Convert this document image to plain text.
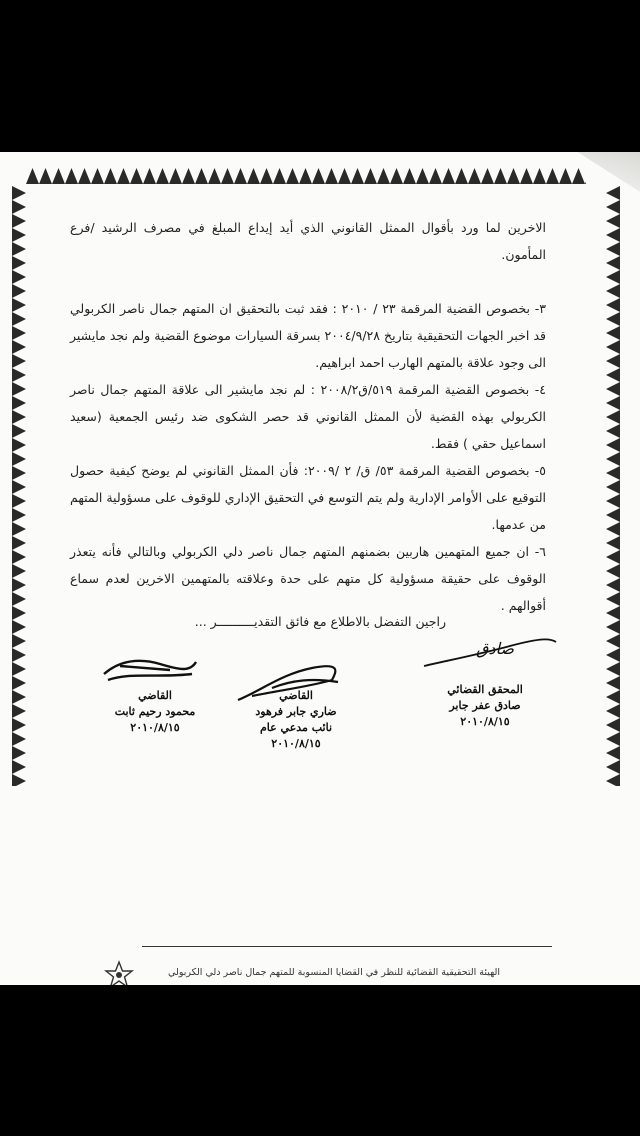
الاخرين لما ورد بأقوال الممثل القانوني الذي أيد إيداع المبلغ في مصرف الرشيد /فرع المأمون.

٣- بخصوص القضية المرقمة ٢٣ / ٢٠١٠ : فقد ثبت بالتحقيق ان المتهم جمال ناصر الكربولي قد اخبر الجهات التحقيقية بتاريخ ٢٠٠٤/٩/٢٨ بسرقة السيارات موضوع القضية ولم نجد مايشير الى وجود علاقة بالمتهم الهارب احمد ابراهيم.

٤- بخصوص القضية المرقمة ٥١٩/ق٢٠٠٨/٢ : لم نجد مايشير الى علاقة المتهم جمال ناصر الكربولي بهذه القضية لأن الممثل القانوني قد حصر الشكوى ضد رئيس الجمعية (سعيد اسماعيل حقي ) فقط.

٥- بخصوص القضية المرقمة ٥٣/ ق/ ٢ /٢٠٠٩: فأن الممثل القانوني لم يوضح كيفية حصول التوقيع على الأوامر الإدارية ولم يتم التوسع في التحقيق الإداري للوقوف على مسؤولية المتهم من عدمها.

٦- ان جميع المتهمين هاربين بضمنهم المتهم جمال ناصر دلي الكربولي وبالتالي فأنه يتعذر الوقوف على حقيقة مسؤولية كل متهم على حدة وعلاقته بالمتهمين الاخرين لعدم سماع أقوالهم .

راجين التفضل بالاطلاع مع فائق التقديــــــــــر ...
القاضي
محمود رحيم ثابت
٢٠١٠/٨/١٥
القاضي
ضاري جابر فرهود
نائب مدعي عام
٢٠١٠/٨/١٥
صادق
المحقق القضائي
صادق عفر جابر
٢٠١٠/٨/١٥
الهيئة التحقيقية القضائية للنظر في القضايا المنسوبة للمتهم جمال ناصر دلي الكربولي
